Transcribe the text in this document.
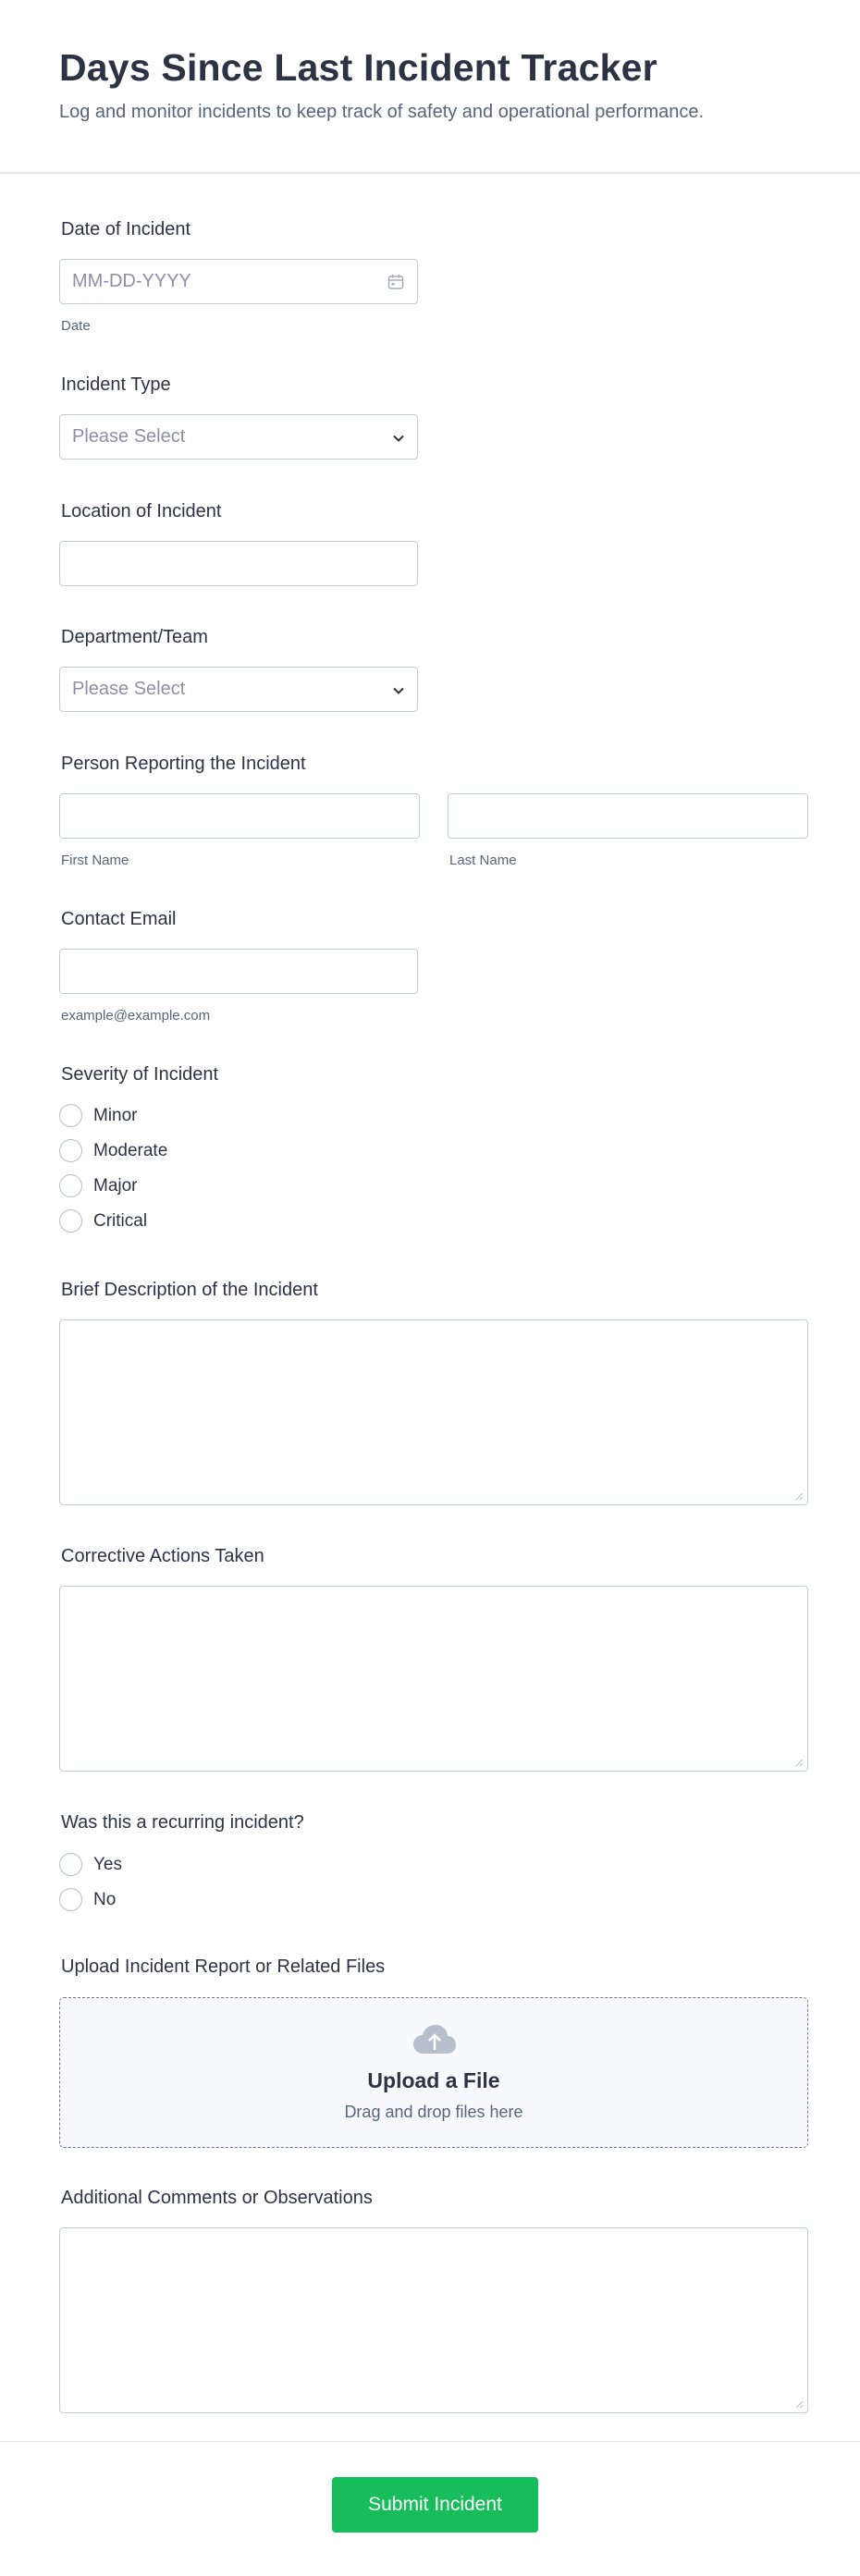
Days Since Last Incident Tracker

Log and monitor incidents to keep track of safety and operational performance.

Date of Incident
MM-DD-YYYY
Date
Incident Type
Please Select
Location of Incident
Department/Team
Please Select
Person Reporting the Incident
First Name	Last Name
Contact Email
example@example.com
Severity of Incident
Minor
Moderate
Major
Critical
Brief Description of the Incident
Corrective Actions Taken
Was this a recurring incident?
Yes
No
Upload Incident Report or Related Files
Upload a File
Drag and drop files here
Additional Comments or Observations
Submit Incident
